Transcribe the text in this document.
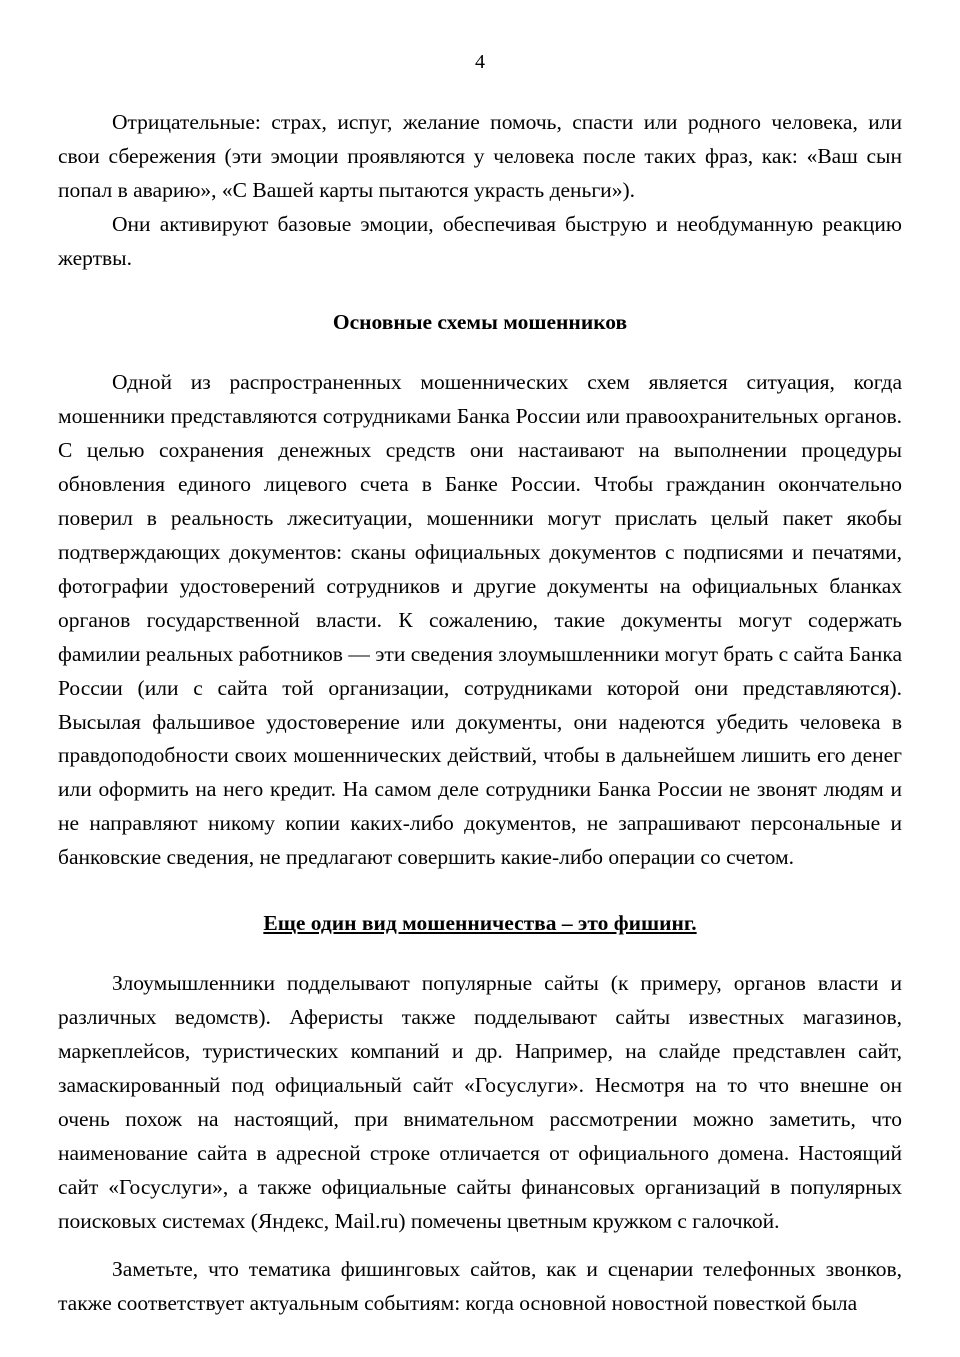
4

Отрицательные: страх, испуг, желание помочь, спасти или родного человека, или свои сбережения (эти эмоции проявляются у человека после таких фраз, как: «Ваш сын попал в аварию», «С Вашей карты пытаются украсть деньги»).

Они активируют базовые эмоции, обеспечивая быструю и необдуманную реакцию жертвы.

Основные схемы мошенников

Одной из распространенных мошеннических схем является ситуация, когда мошенники представляются сотрудниками Банка России или правоохранительных органов. С целью сохранения денежных средств они настаивают на выполнении процедуры обновления единого лицевого счета в Банке России. Чтобы гражданин окончательно поверил в реальность лжеситуации, мошенники могут прислать целый пакет якобы подтверждающих документов: сканы официальных документов с подписями и печатями, фотографии удостоверений сотрудников и другие документы на официальных бланках органов государственной власти. К сожалению, такие документы могут содержать фамилии реальных работников — эти сведения злоумышленники могут брать с сайта Банка России (или с сайта той организации, сотрудниками которой они представляются). Высылая фальшивое удостоверение или документы, они надеются убедить человека в правдоподобности своих мошеннических действий, чтобы в дальнейшем лишить его денег или оформить на него кредит. На самом деле сотрудники Банка России не звонят людям и не направляют никому копии каких-либо документов, не запрашивают персональные и банковские сведения, не предлагают совершить какие-либо операции со счетом.

Еще один вид мошенничества – это фишинг.

Злоумышленники подделывают популярные сайты (к примеру, органов власти и различных ведомств). Аферисты также подделывают сайты известных магазинов, маркеплейсов, туристических компаний и др. Например, на слайде представлен сайт, замаскированный под официальный сайт «Госуслуги». Несмотря на то что внешне он очень похож на настоящий, при внимательном рассмотрении можно заметить, что наименование сайта в адресной строке отличается от официального домена. Настоящий сайт «Госуслуги», а также официальные сайты финансовых организаций в популярных поисковых системах (Яндекс, Mail.ru) помечены цветным кружком с галочкой.

Заметьте, что тематика фишинговых сайтов, как и сценарии телефонных звонков, также соответствует актуальным событиям: когда основной новостной повесткой была
